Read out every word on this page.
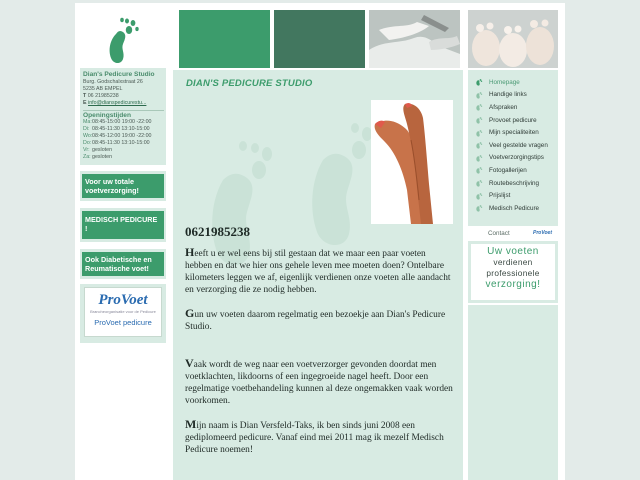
Dian's Pedicure Studio
Burg. Godschalxstraat 26
5235 AB EMPEL
T 06 21985238
E info@dianspedicurestu...
Openingstijden
Ma: 08:45-15:00 19:00 -22:00
Di: 08:45-11:30 13:10-15:00
Wo: 08:45-12:00 19:00 -22:00
Do: 08:45-11:30 13:10-15:00
Vr: gesloten
Za: gesloten
Voor uw totale voetverzorging!
MEDISCH PEDICURE !
Ook Diabetische en Reumatische voet!
ProVoet
Brancheorganisatie voor de Pedicure
ProVoet pedicure
DIAN'S PEDICURE STUDIO
0621985238

Heeft u er wel eens bij stil gestaan dat we maar een paar voeten hebben en dat we hier ons gehele leven mee moeten doen? Ontelbare kilometers leggen we af, eigenlijk verdienen onze voeten alle aandacht en verzorging die ze nodig hebben.

Gun uw voeten daarom regelmatig een bezoekje aan Dian's Pedicure Studio.

Vaak wordt de weg naar een voetverzorger gevonden doordat men voetklachten, likdoorns of een ingegroeide nagel heeft. Door een regelmatige voetbehandeling kunnen al deze ongemakken vaak worden voorkomen.

Mijn naam is Dian Versfeld-Taks, ik ben sinds juni 2008 een gediplomeerd pedicure. Vanaf eind mei 2011 mag ik mezelf Medisch Pedicure noemen!

Homepage
Handige links
Afspraken
Provoet pedicure
Mijn specialiteiten
Veel gestelde vragen
Voetverzorgingstips
Fotogallerijen
Routebeschrijving
Prijslijst
Medisch Pedicure
Contact	ProVoet
Uw voeten
verdienen professionele
verzorging!
